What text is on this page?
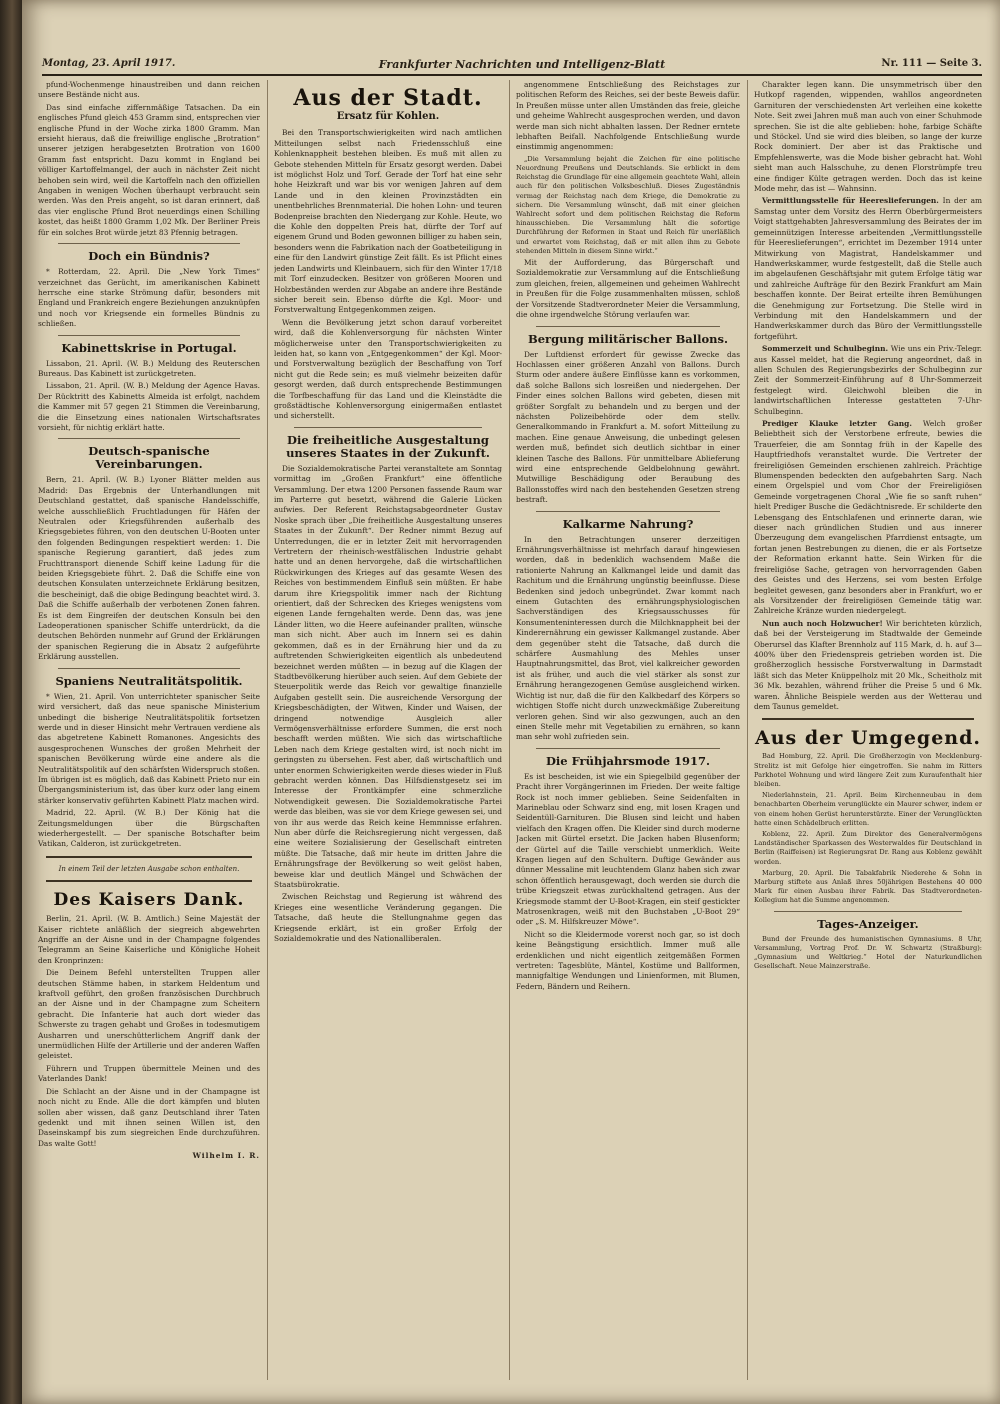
Montag, 23. April 1917.	Frankfurter Nachrichten und Intelligenz-Blatt	Nr. 111 — Seite 3.

pfund-Wochenmenge hinaustreiben und dann reichen unsere Bestände nicht aus.

Das sind einfache ziffernmäßige Tatsachen. Da ein englisches Pfund gleich 453 Gramm sind, entsprechen vier englische Pfund in der Woche zirka 1800 Gramm. Man ersieht hieraus, daß die freiwillige englische „Brotration“ unserer jetzigen herabgesetzten Brotration von 1600 Gramm fast entspricht. Dazu kommt in England bei völliger Kartoffelmangel, der auch in nächster Zeit nicht behoben sein wird, weil die Kartoffeln nach den offiziellen Angaben in wenigen Wochen überhaupt verbraucht sein werden. Was den Preis angeht, so ist daran erinnert, daß das vier englische Pfund Brot neuerdings einen Schilling kostet, das heißt 1800 Gramm 1,02 Mk. Der Berliner Preis für ein solches Brot würde jetzt 83 Pfennig betragen.

Doch ein Bündnis?

* Rotterdam, 22. April. Die „New York Times“ verzeichnet das Gerücht, im amerikanischen Kabinett herrsche eine starke Strömung dafür, besonders mit England und Frankreich engere Beziehungen anzuknüpfen und noch vor Kriegsende ein formelles Bündnis zu schließen.

Kabinettskrise in Portugal.

Lissabon, 21. April. (W. B.) Meldung des Reuterschen Bureaus. Das Kabinett ist zurückgetreten.

Lissabon, 21. April. (W. B.) Meldung der Agence Havas. Der Rücktritt des Kabinetts Almeida ist erfolgt, nachdem die Kammer mit 57 gegen 21 Stimmen die Vereinbarung, die die Einsetzung eines nationalen Wirtschaftsrates vorsieht, für nichtig erklärt hatte.

Deutsch-spanische Vereinbarungen.

Bern, 21. April. (W. B.) Lyoner Blätter melden aus Madrid: Das Ergebnis der Unterhandlungen mit Deutschland gestattet, daß spanische Handelsschiffe, welche ausschließlich Fruchtladungen für Häfen der Neutralen oder Kriegsführenden außerhalb des Kriegsgebietes führen, von den deutschen U-Booten unter den folgenden Bedingungen respektiert werden: 1. Die spanische Regierung garantiert, daß jedes zum Fruchttransport dienende Schiff keine Ladung für die beiden Kriegsgebiete führt. 2. Daß die Schiffe eine von deutschen Konsulaten unterzeichnete Erklärung besitzen, die bescheinigt, daß die obige Bedingung beachtet wird. 3. Daß die Schiffe außerhalb der verbotenen Zonen fahren. Es ist dem Eingreifen der deutschen Konsuln bei den Ladeoperationen spanischer Schiffe unterdrückt, da die deutschen Behörden nunmehr auf Grund der Erklärungen der spanischen Regierung die in Absatz 2 aufgeführte Erklärung ausstellen.

Spaniens Neutralitätspolitik.

* Wien, 21. April. Von unterrichteter spanischer Seite wird versichert, daß das neue spanische Ministerium unbedingt die bisherige Neutralitätspolitik fortsetzen werde und in dieser Hinsicht mehr Vertrauen verdiene als das abgetretene Kabinett Romanones. Angesichts des ausgesprochenen Wunsches der großen Mehrheit der spanischen Bevölkerung würde eine andere als die Neutralitätspolitik auf den schärfsten Widerspruch stoßen. Im übrigen ist es möglich, daß das Kabinett Prieto nur ein Übergangsministerium ist, das über kurz oder lang einem stärker konservativ geführten Kabinett Platz machen wird.

Madrid, 22. April. (W. B.) Der König hat die Zeitungsmeldungen über die Bürgschaften wiederhergestellt. — Der spanische Botschafter beim Vatikan, Calderon, ist zurückgetreten.

In einem Teil der letzten Ausgabe schon enthalten.
Des Kaisers Dank.

Berlin, 21. April. (W. B. Amtlich.) Seine Majestät der Kaiser richtete anläßlich der siegreich abgewehrten Angriffe an der Aisne und in der Champagne folgendes Telegramm an Seine Kaiserliche und Königliche Hoheit den Kronprinzen:

Die Deinem Befehl unterstellten Truppen aller deutschen Stämme haben, in starkem Heldentum und kraftvoll geführt, den großen französischen Durchbruch an der Aisne und in der Champagne zum Scheitern gebracht. Die Infanterie hat auch dort wieder das Schwerste zu tragen gehabt und Großes in todesmutigem Ausharren und unerschütterlichem Angriff dank der unermüdlichen Hilfe der Artillerie und der anderen Waffen geleistet.

Führern und Truppen übermittele Meinen und des Vaterlandes Dank!

Die Schlacht an der Aisne und in der Champagne ist noch nicht zu Ende. Alle die dort kämpfen und bluten sollen aber wissen, daß ganz Deutschland ihrer Taten gedenkt und mit ihnen seinen Willen ist, den Daseinskampf bis zum siegreichen Ende durchzuführen. Das walte Gott!

Wilhelm I. R.
Aus der Stadt.
Ersatz für Kohlen.

Bei den Transportschwierigkeiten wird nach amtlichen Mitteilungen selbst nach Friedensschluß eine Kohlenknappheit bestehen bleiben. Es muß mit allen zu Gebote stehenden Mitteln für Ersatz gesorgt werden. Dabei ist möglichst Holz und Torf. Gerade der Torf hat eine sehr hohe Heizkraft und war bis vor wenigen Jahren auf dem Lande und in den kleinen Provinzstädten ein unentbehrliches Brennmaterial. Die hohen Lohn- und teuren Bodenpreise brachten den Niedergang zur Kohle. Heute, wo die Kohle den doppelten Preis hat, dürfte der Torf auf eigenem Grund und Boden gewonnen billiger zu haben sein, besonders wenn die Fabrikation nach der Goatbeteiligung in eine für den Landwirt günstige Zeit fällt. Es ist Pflicht eines jeden Landwirts und Kleinbauern, sich für den Winter 17/18 mit Torf einzudecken. Besitzer von größeren Mooren und Holzbeständen werden zur Abgabe an andere ihre Bestände sicher bereit sein. Ebenso dürfte die Kgl. Moor- und Forstverwaltung Entgegenkommen zeigen.

Wenn die Bevölkerung jetzt schon darauf vorbereitet wird, daß die Kohlenversorgung für nächsten Winter möglicherweise unter den Transportschwierigkeiten zu leiden hat, so kann von „Entgegenkommen“ der Kgl. Moor- und Forstverwaltung bezüglich der Beschaffung von Torf nicht gut die Rede sein; es muß vielmehr beizeiten dafür gesorgt werden, daß durch entsprechende Bestimmungen die Torfbeschaffung für das Land und die Kleinstädte die großstädtische Kohlenversorgung einigermaßen entlastet und sicherstellt.

Die freiheitliche Ausgestaltung unseres Staates in der Zukunft.

Die Sozialdemokratische Partei veranstaltete am Sonntag vormittag im „Großen Frankfurt“ eine öffentliche Versammlung. Der etwa 1200 Personen fassende Raum war im Parterre gut besetzt, während die Galerie Lücken aufwies. Der Referent Reichstagsabgeordneter Gustav Noske sprach über „Die freiheitliche Ausgestaltung unseres Staates in der Zukunft“. Der Redner nimmt Bezug auf Unterredungen, die er in letzter Zeit mit hervorragenden Vertretern der rheinisch-westfälischen Industrie gehabt hatte und an denen hervorgehe, daß die wirtschaftlichen Rückwirkungen des Krieges auf das gesamte Wesen des Reiches von bestimmendem Einfluß sein müßten. Er habe darum ihre Kriegspolitik immer nach der Richtung orientiert, daß der Schrecken des Krieges wenigstens vom eigenen Lande ferngehalten werde. Denn das, was jene Länder litten, wo die Heere aufeinander prallten, wünsche man sich nicht. Aber auch im Innern sei es dahin gekommen, daß es in der Ernährung hier und da zu auftretenden Schwierigkeiten eigentlich als unbedeutend bezeichnet werden müßten — in bezug auf die Klagen der Stadtbevölkerung hierüber auch seien. Auf dem Gebiete der Steuerpolitik werde das Reich vor gewaltige finanzielle Aufgaben gestellt sein. Die ausreichende Versorgung der Kriegsbeschädigten, der Witwen, Kinder und Waisen, der dringend notwendige Ausgleich aller Vermögensverhältnisse erfordere Summen, die erst noch beschafft werden müßten. Wie sich das wirtschaftliche Leben nach dem Kriege gestalten wird, ist noch nicht im geringsten zu übersehen. Fest aber, daß wirtschaftlich und unter enormen Schwierigkeiten werde dieses wieder in Fluß gebracht werden können. Das Hilfsdienstgesetz sei im Interesse der Frontkämpfer eine schmerzliche Notwendigkeit gewesen. Die Sozialdemokratische Partei werde das bleiben, was sie vor dem Kriege gewesen sei, und von ihr aus werde das Reich keine Hemmnisse erfahren. Nun aber dürfe die Reichsregierung nicht vergessen, daß eine weitere Sozialisierung der Gesellschaft eintreten müßte. Die Tatsache, daß mir heute im dritten Jahre die Ernährungsfrage der Bevölkerung so weit gelöst haben, beweise klar und deutlich Mängel und Schwächen der Staatsbürokratie.

Zwischen Reichstag und Regierung ist während des Krieges eine wesentliche Veränderung gegangen. Die Tatsache, daß heute die Stellungnahme gegen das Kriegsende erklärt, ist ein großer Erfolg der Sozialdemokratie und des Nationalliberalen.

angenommene Entschließung des Reichstages zur politischen Reform des Reiches, sei der beste Beweis dafür. In Preußen müsse unter allen Umständen das freie, gleiche und geheime Wahlrecht ausgesprochen werden, und davon werde man sich nicht abhalten lassen. Der Redner erntete lebhaften Beifall. Nachfolgende Entschließung wurde einstimmig angenommen:

„Die Versammlung bejaht die Zeichen für eine politische Neuordnung Preußens und Deutschlands. Sie erblickt in dem Reichstag die Grundlage für eine allgemein geachtete Wahl, allein auch für den politischen Volksbeschluß. Dieses Zugeständnis vermag der Reichstag nach dem Kriege, die Demokratie zu sichern. Die Versammlung wünscht, daß mit einer gleichen Wahlrecht sofort und dem politischen Reichstag die Reform hinausschieben. Die Versammlung hält die sofortige Durchführung der Reformen in Staat und Reich für unerläßlich und erwartet vom Reichstag, daß er mit allen ihm zu Gebote stehenden Mitteln in diesem Sinne wirkt.“

Mit der Aufforderung, das Bürgerschaft und Sozialdemokratie zur Versammlung auf die Entschließung zum gleichen, freien, allgemeinen und geheimen Wahlrecht in Preußen für die Folge zusammenhalten müssen, schloß der Vorsitzende Stadtverordneter Meier die Versammlung, die ohne irgendwelche Störung verlaufen war.

Bergung militärischer Ballons.

Der Luftdienst erfordert für gewisse Zwecke das Hochlassen einer größeren Anzahl von Ballons. Durch Sturm oder andere äußere Einflüsse kann es vorkommen, daß solche Ballons sich losreißen und niedergehen. Der Finder eines solchen Ballons wird gebeten, diesen mit größter Sorgfalt zu behandeln und zu bergen und der nächsten Polizeibehörde oder dem stellv. Generalkommando in Frankfurt a. M. sofort Mitteilung zu machen. Eine genaue Anweisung, die unbedingt gelesen werden muß, befindet sich deutlich sichtbar in einer kleinen Tasche des Ballons. Für unmittelbare Ablieferung wird eine entsprechende Geldbelohnung gewährt. Mutwillige Beschädigung oder Beraubung des Ballonsstoffes wird nach den bestehenden Gesetzen streng bestraft.

Kalkarme Nahrung?

In den Betrachtungen unserer derzeitigen Ernährungsverhältnisse ist mehrfach darauf hingewiesen worden, daß in bedenklich wachsendem Maße die rationierte Nahrung an Kalkmangel leide und damit das Rachitum und die Ernährung ungünstig beeinflusse. Diese Bedenken sind jedoch unbegründet. Zwar kommt nach einem Gutachten des ernährungsphysiologischen Sachverständigen des Kriegsausschusses für Konsumenteninteressen durch die Milchknappheit bei der Kinderernährung ein gewisser Kalkmangel zustande. Aber dem gegenüber steht die Tatsache, daß durch die schärfere Ausmahlung des Mehles unser Hauptnahrungsmittel, das Brot, viel kalkreicher geworden ist als früher, und auch die viel stärker als sonst zur Ernährung herangezogenen Gemüse ausgleichend wirken. Wichtig ist nur, daß die für den Kalkbedarf des Körpers so wichtigen Stoffe nicht durch unzweckmäßige Zubereitung verloren gehen. Sind wir also gezwungen, auch an den einen Stelle mehr mit Vegetabilien zu ernähren, so kann man sehr wohl zufrieden sein.

Die Frühjahrsmode 1917.

Es ist bescheiden, ist wie ein Spiegelbild gegenüber der Pracht ihrer Vorgängerinnen im Frieden. Der weite faltige Rock ist noch immer geblieben. Seine Seidenfalten in Marineblau oder Schwarz sind eng, mit losen Kragen und Seidentüll-Garnituren. Die Blusen sind leicht und haben vielfach den Kragen offen. Die Kleider sind durch moderne Jacken mit Gürtel ersetzt. Die Jacken haben Blusenform; der Gürtel auf die Taille verschiebt unmerklich. Weite Kragen liegen auf den Schultern. Duftige Gewänder aus dünner Messaline mit leuchtendem Glanz haben sich zwar schon öffentlich herausgewagt, doch werden sie durch die trübe Kriegszeit etwas zurückhaltend getragen. Aus der Kriegsmode stammt der U-Boot-Kragen, ein steif gestickter Matrosenkragen, weiß mit den Buchstaben „U-Boot 29“ oder „S. M. Hilfskreuzer Möwe“.

Nicht so die Kleidermode vorerst noch gar, so ist doch keine Beängstigung ersichtlich. Immer muß alle erdenklichen und nicht eigentlich zeitgemäßen Formen vertreten: Tagesblüte, Mäntel, Kostüme und Ballformen, mannigfaltige Wendungen und Linienformen, mit Blumen, Federn, Bändern und Reihern.

Charakter legen kann. Die unsymmetrisch über den Hutkopf ragenden, wippenden, wahllos angeordneten Garnituren der verschiedensten Art verleihen eine kokette Note. Seit zwei Jahren muß man auch von einer Schuhmode sprechen. Sie ist die alte geblieben: hohe, farbige Schäfte und Stöckel. Und sie wird dies bleiben, so lange der kurze Rock dominiert. Der aber ist das Praktische und Empfehlenswerte, was die Mode bisher gebracht hat. Wohl sieht man auch Halsschuhe, zu denen Florstrümpfe treu eine findiger Külte getragen werden. Doch das ist keine Mode mehr, das ist — Wahnsinn.

Vermittlungsstelle für Heereslieferungen. In der am Samstag unter dem Vorsitz des Herrn Oberbürgermeisters Voigt stattgehabten Jahresversammlung des Beirates der im gemeinnützigen Interesse arbeitenden „Vermittlungsstelle für Heereslieferungen“, errichtet im Dezember 1914 unter Mitwirkung von Magistrat, Handelskammer und Handwerkskammer, wurde festgestellt, daß die Stelle auch im abgelaufenen Geschäftsjahr mit gutem Erfolge tätig war und zahlreiche Aufträge für den Bezirk Frankfurt am Main beschaffen konnte. Der Beirat erteilte ihren Bemühungen die Genehmigung zur Fortsetzung. Die Stelle wird in Verbindung mit den Handelskammern und der Handwerkskammer durch das Büro der Vermittlungsstelle fortgeführt.

Sommerzeit und Schulbeginn. Wie uns ein Priv.-Telegr. aus Kassel meldet, hat die Regierung angeordnet, daß in allen Schulen des Regierungsbezirks der Schulbeginn zur Zeit der Sommerzeit-Einführung auf 8 Uhr-Sommerzeit festgelegt wird. Gleichwohl bleiben die in landwirtschaftlichen Interesse gestatteten 7-Uhr-Schulbeginn.

Prediger Klauke letzter Gang. Welch großer Beliebtheit sich der Verstorbene erfreute, bewies die Trauerfeier, die am Sonntag früh in der Kapelle des Hauptfriedhofs veranstaltet wurde. Die Vertreter der freireligiösen Gemeinden erschienen zahlreich. Prächtige Blumenspenden bedeckten den aufgebahrten Sarg. Nach einem Orgelspiel und vom Chor der Freireligiösen Gemeinde vorgetragenen Choral „Wie fie so sanft ruhen“ hielt Prediger Busche die Gedächtnisrede. Er schilderte den Lebensgang des Entschlafenen und erinnerte daran, wie dieser nach gründlichen Studien und aus innerer Überzeugung dem evangelischen Pfarrdienst entsagte, um fortan jenen Bestrebungen zu dienen, die er als Fortsetze der Reformation erkannt hatte. Sein Wirken für die freireligiöse Sache, getragen von hervorragenden Gaben des Geistes und des Herzens, sei vom besten Erfolge begleitet gewesen, ganz besonders aber in Frankfurt, wo er als Vorsitzender der freireligiösen Gemeinde tätig war. Zahlreiche Kränze wurden niedergelegt.

Nun auch noch Holzwucher! Wir berichteten kürzlich, daß bei der Versteigerung im Stadtwalde der Gemeinde Oberursel das Klafter Brennholz auf 115 Mark, d. h. auf 3—400% über den Friedenspreis getrieben worden ist. Die großherzoglich hessische Forstverwaltung in Darmstadt läßt sich das Meter Knüppelholz mit 20 Mk., Scheitholz mit 36 Mk. bezahlen, während früher die Preise 5 und 6 Mk. waren. Ähnliche Beispiele werden aus der Wetterau und dem Taunus gemeldet.

Aus der Umgegend.

Bad Homburg, 22. April. Die Großherzogin von Mecklenburg-Strelitz ist mit Gefolge hier eingetroffen. Sie nahm im Ritters Parkhotel Wohnung und wird längere Zeit zum Kuraufenthalt hier bleiben.

Niederlahnstein, 21. April. Beim Kirchenneubau in dem benachbarten Oberheim verunglückte ein Maurer schwer, indem er von einem hohen Gerüst herunterstürzte. Einer der Verunglückten hatte einen Schädelbruch erlitten.

Koblenz, 22. April. Zum Direktor des Generalvermögens Landständischer Sparkassen des Westerwaldes für Deutschland in Berlin (Raiffeisen) ist Regierungsrat Dr. Rang aus Koblenz gewählt worden.

Marburg, 20. April. Die Tabakfabrik Niederehe & Sohn in Marburg stiftete aus Anlaß ihres 50jährigen Bestehens 40 000 Mark für einen Ausbau ihrer Fabrik. Das Stadtverordneten-Kollegium hat die Summe angenommen.

Tages-Anzeiger.

Bund der Freunde des humanistischen Gymnasiums. 8 Uhr, Versammlung, Vortrag Prof. Dr. W. Schwartz (Straßburg): „Gymnasium und Weltkrieg.“ Hotel der Naturkundlichen Gesellschaft. Neue Mainzerstraße.
